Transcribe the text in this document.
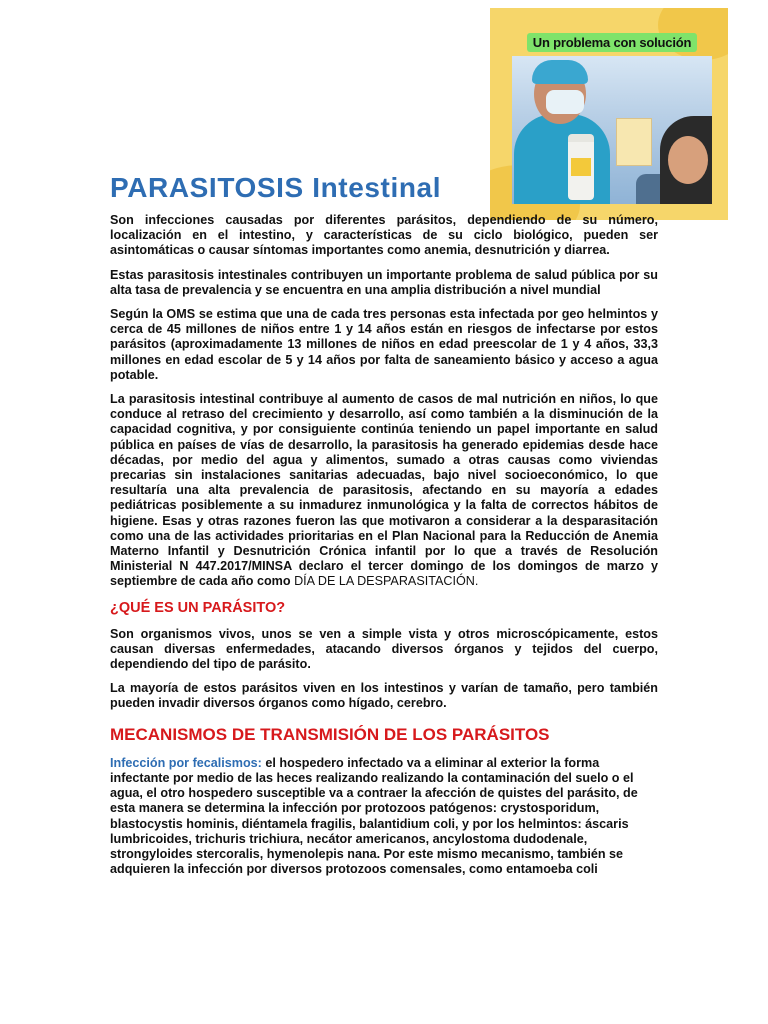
Un problema con solución
PARASITOSIS Intestinal

Son infecciones causadas por diferentes parásitos, dependiendo de su número, localización en el intestino, y características de su ciclo biológico, pueden ser asintomáticas o causar síntomas importantes como anemia, desnutrición y diarrea.

Estas parasitosis intestinales contribuyen un importante problema de salud pública por su alta tasa de prevalencia y se encuentra en una amplia distribución a nivel mundial

Según la OMS se estima que una de cada tres personas esta infectada por geo helmintos y cerca de 45 millones de niños entre 1 y 14 años están en riesgos de infectarse por estos parásitos (aproximadamente 13 millones de niños en edad preescolar de 1 y 4 años, 33,3 millones en edad escolar de 5 y 14 años por falta de saneamiento básico y acceso a agua potable.

La parasitosis intestinal contribuye al aumento de casos de mal nutrición en niños, lo que conduce al retraso del crecimiento y desarrollo, así como también a la disminución de la capacidad cognitiva, y por consiguiente continúa teniendo un papel importante en salud pública en países de vías de desarrollo, la parasitosis ha generado epidemias desde hace décadas, por medio del agua y alimentos, sumado a otras causas como viviendas precarias sin instalaciones sanitarias adecuadas, bajo nivel socioeconómico, lo que resultaría una alta prevalencia de parasitosis, afectando en su mayoría a edades pediátricas posiblemente a su inmadurez inmunológica y la falta de correctos hábitos de higiene. Esas y otras razones fueron las que motivaron a considerar a la desparasitación como una de las actividades prioritarias en el Plan Nacional para la Reducción de Anemia Materno Infantil y Desnutrición Crónica infantil por lo que a través de Resolución Ministerial N 447.2017/MINSA declaro el tercer domingo de los domingos de marzo y septiembre de cada año como DÍA DE LA DESPARASITACIÓN.

¿QUÉ ES UN PARÁSITO?

Son organismos vivos, unos se ven a simple vista y otros microscópicamente, estos causan diversas enfermedades, atacando diversos órganos y tejidos del cuerpo, dependiendo del tipo de parásito.

La mayoría de estos parásitos viven en los intestinos y varían de tamaño, pero también pueden invadir diversos órganos como hígado, cerebro.

MECANISMOS DE TRANSMISIÓN DE LOS PARÁSITOS

Infección por fecalismos: el hospedero infectado va a eliminar al exterior la forma infectante por medio de las heces realizando realizando la contaminación del suelo o el agua, el otro hospedero susceptible va a contraer la afección de quistes del parásito, de esta manera se determina la infección por protozoos patógenos: crystosporidum, blastocystis hominis, diéntamela fragilis, balantidium coli, y por los helmintos: áscaris lumbricoides, trichuris trichiura, necátor americanos, ancylostoma dudodenale, strongyloides stercoralis, hymenolepis nana. Por este mismo mecanismo, también se adquieren la infección por diversos protozoos comensales, como entamoeba coli
